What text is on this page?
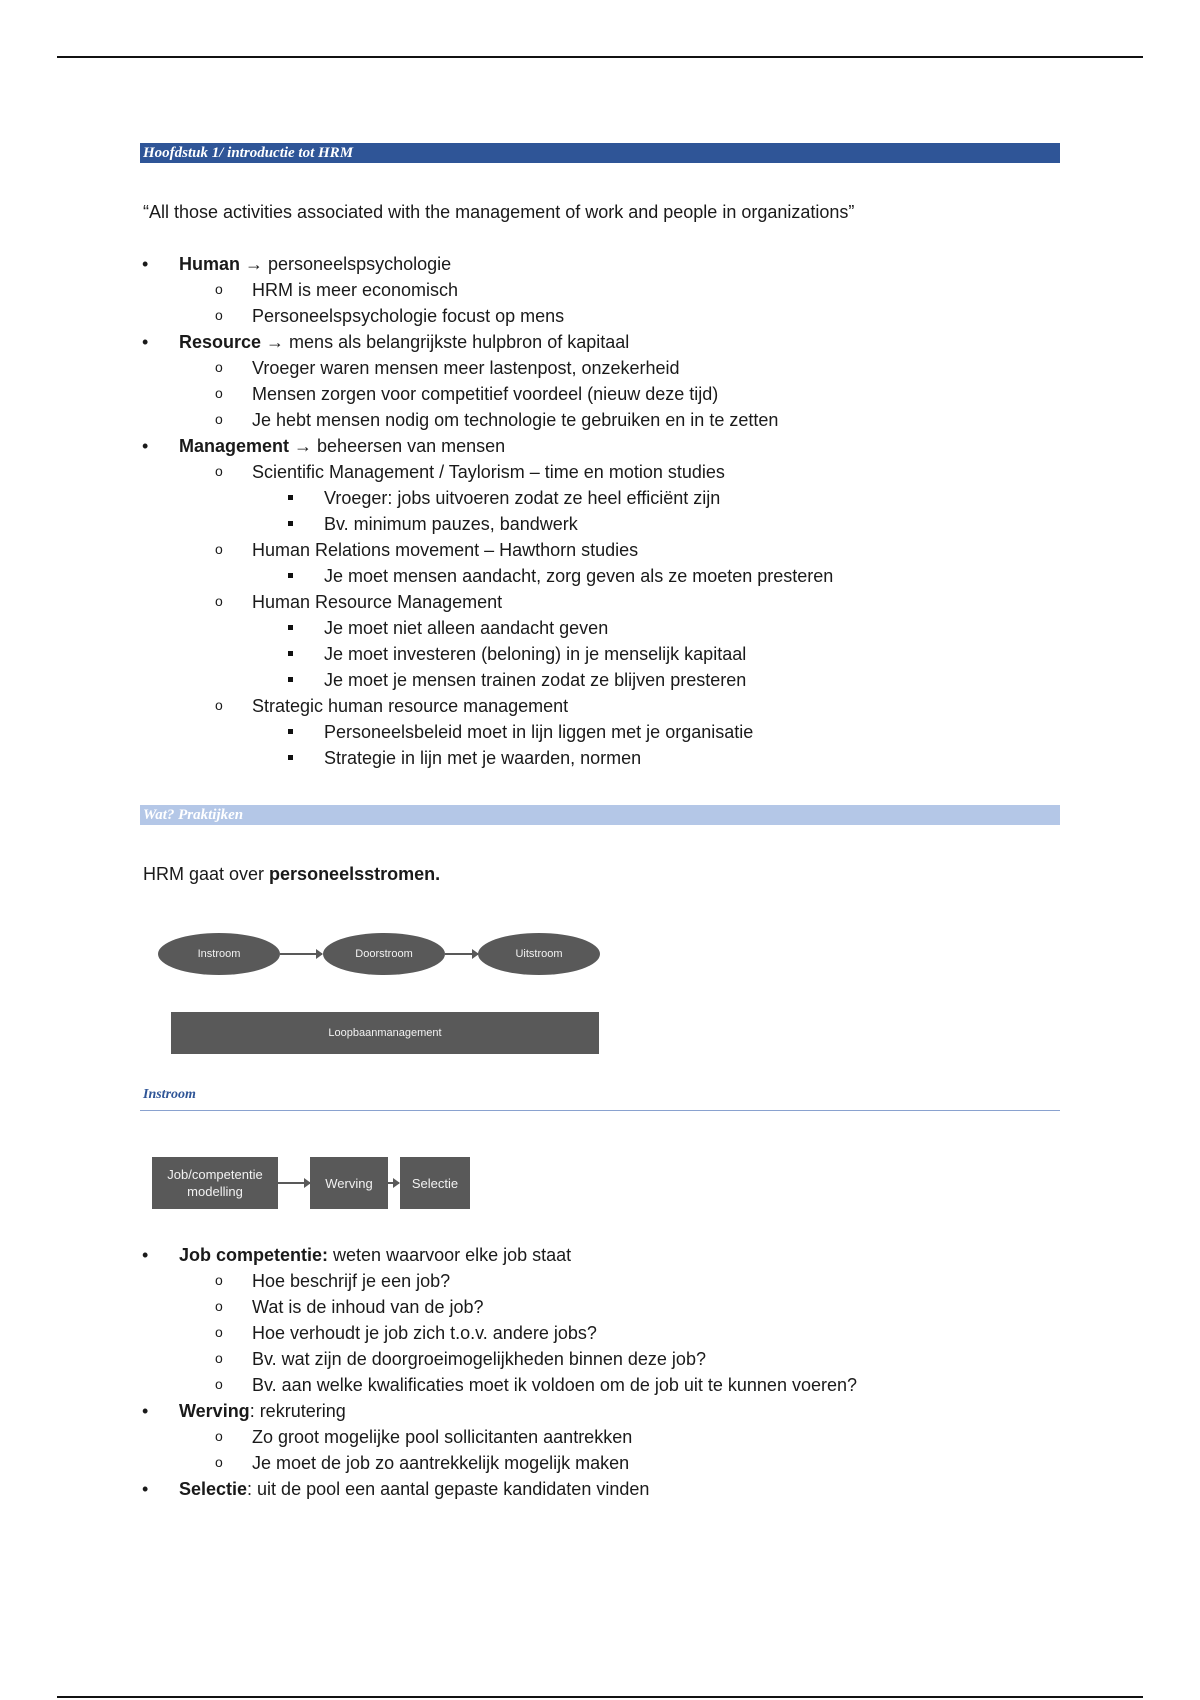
Hoofdstuk 1/ introductie tot HRM
“All those activities associated with the management of work and people in organizations”
• Human → personeelspsychologie
o HRM is meer economisch
o Personeelspsychologie focust op mens
• Resource → mens als belangrijkste hulpbron of kapitaal
o Vroeger waren mensen meer lastenpost, onzekerheid
o Mensen zorgen voor competitief voordeel (nieuw deze tijd)
o Je hebt mensen nodig om technologie te gebruiken en in te zetten
• Management → beheersen van mensen
o Scientific Management / Taylorism – time en motion studies
Vroeger: jobs uitvoeren zodat ze heel efficiënt zijn
Bv. minimum pauzes, bandwerk
o Human Relations movement – Hawthorn studies
Je moet mensen aandacht, zorg geven als ze moeten presteren
o Human Resource Management
Je moet niet alleen aandacht geven
Je moet investeren (beloning) in je menselijk kapitaal
Je moet je mensen trainen zodat ze blijven presteren
o Strategic human resource management
Personeelsbeleid moet in lijn liggen met je organisatie
Strategie in lijn met je waarden, normen
Wat? Praktijken
HRM gaat over personeelsstromen.
Instroom	Doorstroom	Uitstroom
Loopbaanmanagement
Instroom
Job/competentie modelling
Werving	Selectie
• Job competentie: weten waarvoor elke job staat
o Hoe beschrijf je een job?
o Wat is de inhoud van de job?
o Hoe verhoudt je job zich t.o.v. andere jobs?
o Bv. wat zijn de doorgroeimogelijkheden binnen deze job?
o Bv. aan welke kwalificaties moet ik voldoen om de job uit te kunnen voeren?
• Werving: rekrutering
o Zo groot mogelijke pool sollicitanten aantrekken
o Je moet de job zo aantrekkelijk mogelijk maken
• Selectie: uit de pool een aantal gepaste kandidaten vinden
